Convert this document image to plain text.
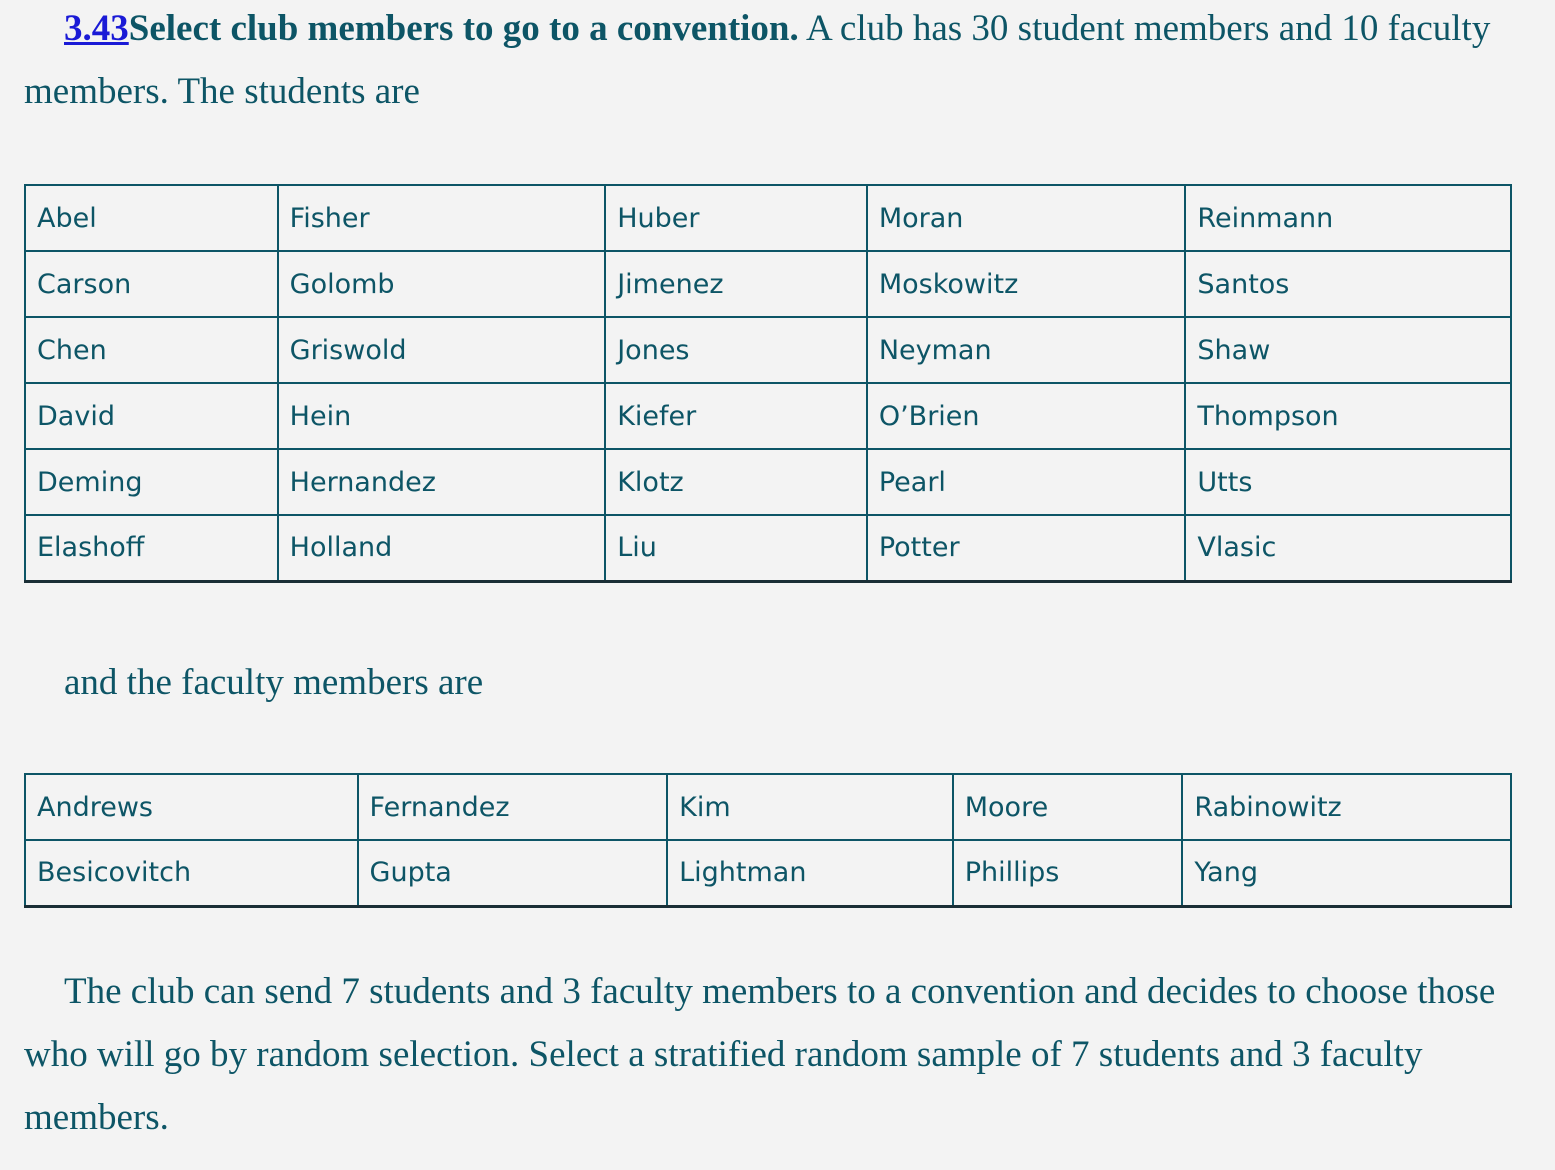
3.43Select club members to go to a convention. A club has 30 student members and 10 faculty members. The students are

Abel	Fisher	Huber	Moran	Reinmann
Carson	Golomb	Jimenez	Moskowitz	Santos
Chen	Griswold	Jones	Neyman	Shaw
David	Hein	Kiefer	O’Brien	Thompson
Deming	Hernandez	Klotz	Pearl	Utts
Elashoff	Holland	Liu	Potter	Vlasic

and the faculty members are

Andrews	Fernandez	Kim	Moore	Rabinowitz
Besicovitch	Gupta	Lightman	Phillips	Yang

The club can send 7 students and 3 faculty members to a convention and decides to choose those who will go by random selection. Select a stratified random sample of 7 students and 3 faculty members.
